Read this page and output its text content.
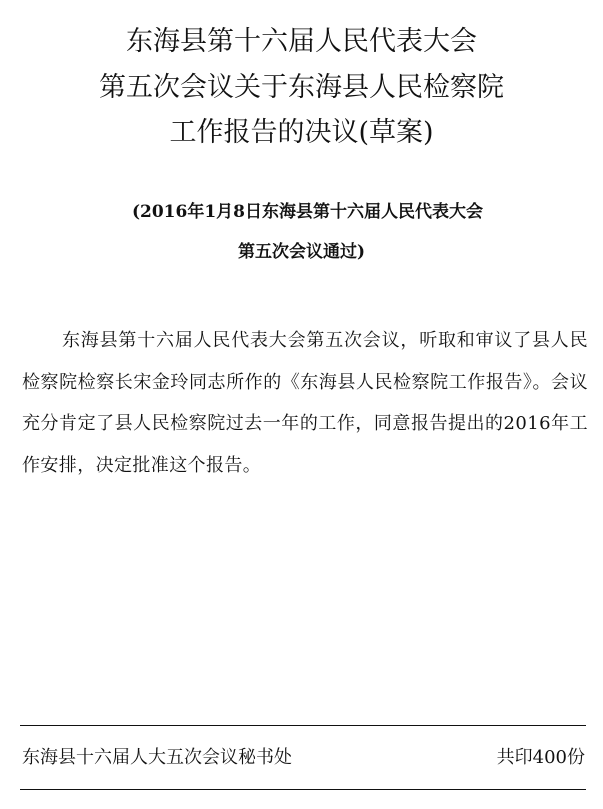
东海县第十六届人民代表大会
第五次会议关于东海县人民检察院
工作报告的决议(草案)
(2016年1月8日东海县第十六届人民代表大会
第五次会议通过)
东海县第十六届人民代表大会第五次会议，听取和审议了县人民检察院检察长宋金玲同志所作的《东海县人民检察院工作报告》。会议充分肯定了县人民检察院过去一年的工作，同意报告提出的2016年工作安排，决定批准这个报告。
东海县十六届人大五次会议秘书处	共印400份
